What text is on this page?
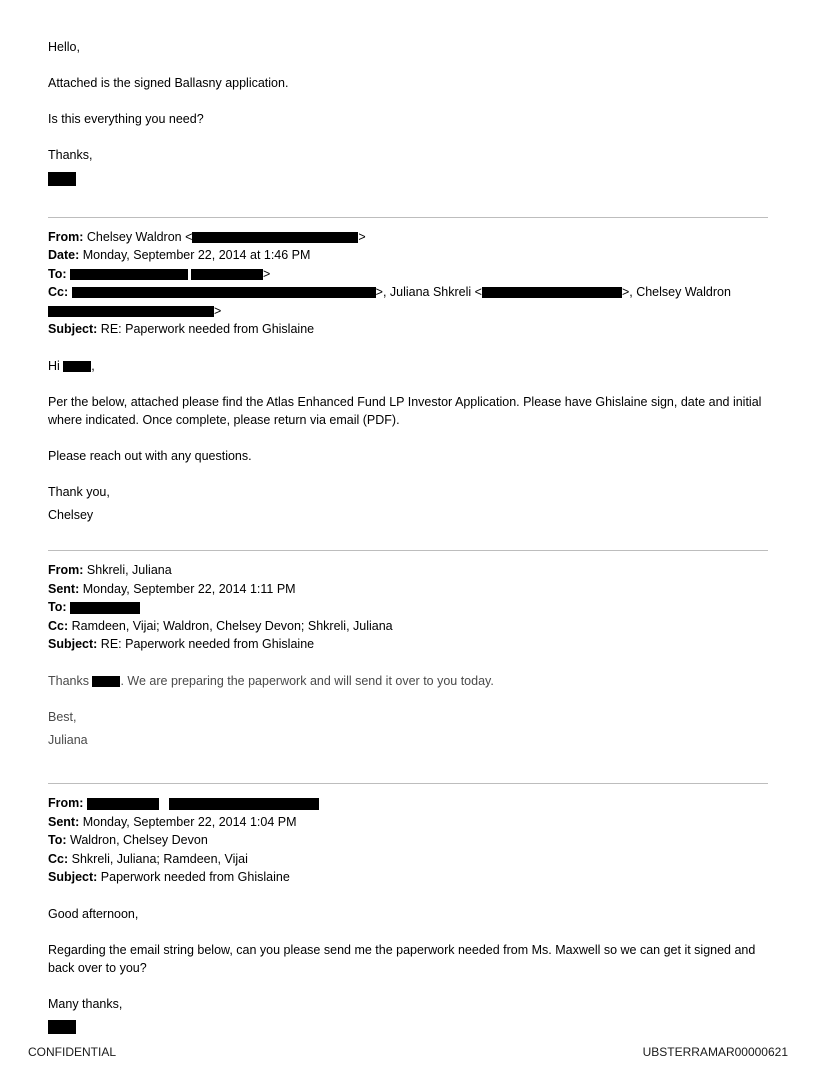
Hello,

Attached is the signed Ballasny application.

Is this everything you need?

Thanks,

From: Chelsey Waldron <	>

Date: Monday, September 22, 2014 at 1:46 PM

To:	>

Cc:	>, Juliana Shkreli <	>, Chelsey Waldron
>

Subject: RE: Paperwork needed from Ghislaine

Hi	,

Per the below, attached please find the Atlas Enhanced Fund LP Investor Application. Please have Ghislaine sign, date and initial where indicated. Once complete, please return via email (PDF).

Please reach out with any questions.

Thank you,

Chelsey

From: Shkreli, Juliana

Sent: Monday, September 22, 2014 1:11 PM

To:

Cc: Ramdeen, Vijai; Waldron, Chelsey Devon; Shkreli, Juliana

Subject: RE: Paperwork needed from Ghislaine

Thanks	. We are preparing the paperwork and will send it over to you today.

Best,

Juliana

From:

Sent: Monday, September 22, 2014 1:04 PM

To: Waldron, Chelsey Devon

Cc: Shkreli, Juliana; Ramdeen, Vijai

Subject: Paperwork needed from Ghislaine

Good afternoon,

Regarding the email string below, can you please send me the paperwork needed from Ms. Maxwell so we can get it signed and back over to you?

Many thanks,

CONFIDENTIAL	UBSTERRAMAR00000621
